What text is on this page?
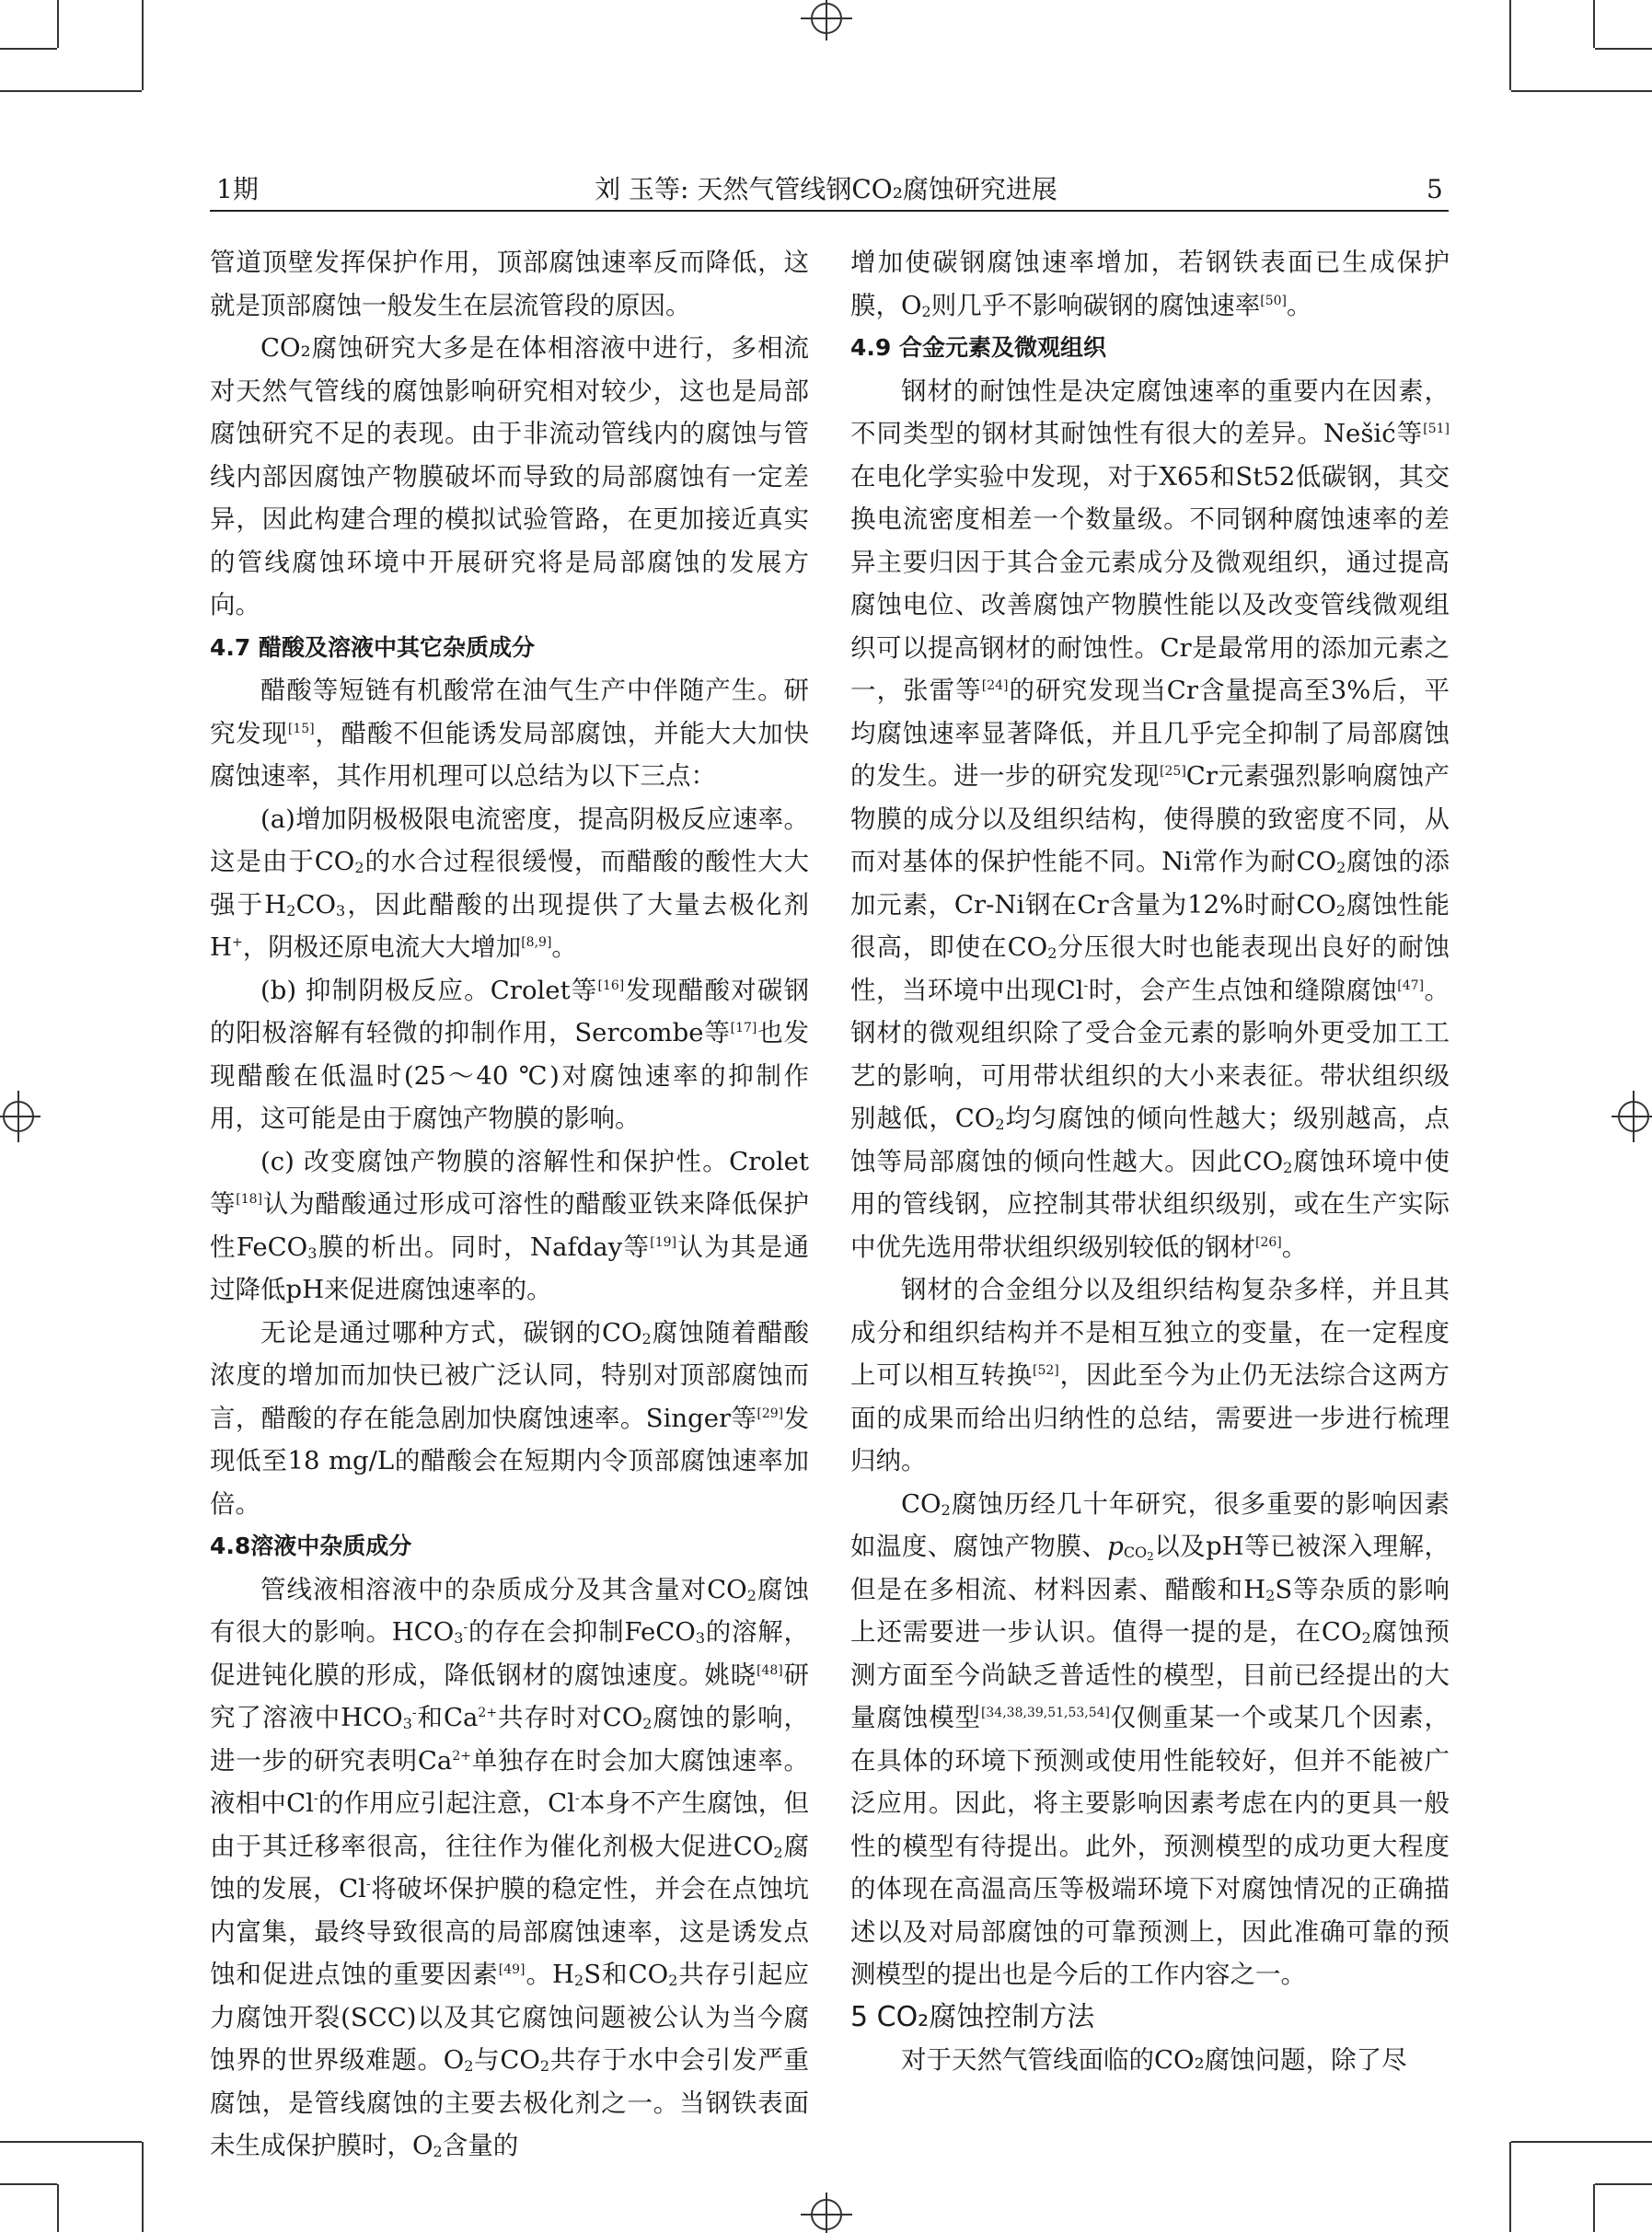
1期	刘 玉等: 天然气管线钢CO₂腐蚀研究进展	5

管道顶壁发挥保护作用，顶部腐蚀速率反而降低，这就是顶部腐蚀一般发生在层流管段的原因。

CO₂腐蚀研究大多是在体相溶液中进行，多相流对天然气管线的腐蚀影响研究相对较少，这也是局部腐蚀研究不足的表现。由于非流动管线内的腐蚀与管线内部因腐蚀产物膜破坏而导致的局部腐蚀有一定差异，因此构建合理的模拟试验管路，在更加接近真实的管线腐蚀环境中开展研究将是局部腐蚀的发展方向。

4.7 醋酸及溶液中其它杂质成分

醋酸等短链有机酸常在油气生产中伴随产生。研究发现[15]，醋酸不但能诱发局部腐蚀，并能大大加快腐蚀速率，其作用机理可以总结为以下三点：

(a)增加阴极极限电流密度，提高阴极反应速率。这是由于$CO_2$的水合过程很缓慢，而醋酸的酸性大大强于$H_2CO_3$，因此醋酸的出现提供了大量去极化剂H+，阴极还原电流大大增加[8,9]。

(b) 抑制阴极反应。Crolet等[16]发现醋酸对碳钢的阳极溶解有轻微的抑制作用，Sercombe等[17]也发现醋酸在低温时(25～40 ℃)对腐蚀速率的抑制作用，这可能是由于腐蚀产物膜的影响。

(c) 改变腐蚀产物膜的溶解性和保护性。Crolet等[18]认为醋酸通过形成可溶性的醋酸亚铁来降低保护性FeCO$_3$膜的析出。同时，Nafday等[19]认为其是通过降低pH来促进腐蚀速率的。

无论是通过哪种方式，碳钢的$CO_2$腐蚀随着醋酸浓度的增加而加快已被广泛认同，特别对顶部腐蚀而言，醋酸的存在能急剧加快腐蚀速率。Singer等[29]发现低至18 mg/L的醋酸会在短期内令顶部腐蚀速率加倍。

4.8溶液中杂质成分

管线液相溶液中的杂质成分及其含量对$CO_2$腐蚀有很大的影响。$HCO_3^-$的存在会抑制FeCO$_3$的溶解，促进钝化膜的形成，降低钢材的腐蚀速度。姚晓[48]研究了溶液中$HCO_3^-$和$Ca^{2+}$共存时对$CO_2$腐蚀的影响，进一步的研究表明$Ca^{2+}$单独存在时会加大腐蚀速率。液相中Cl-的作用应引起注意，Cl-本身不产生腐蚀，但由于其迁移率很高，往往作为催化剂极大促进$CO_2$腐蚀的发展，Cl-将破坏保护膜的稳定性，并会在点蚀坑内富集，最终导致很高的局部腐蚀速率，这是诱发点蚀和促进点蚀的重要因素[49]。$H_2S$和$CO_2$共存引起应力腐蚀开裂(SCC)以及其它腐蚀问题被公认为当今腐蚀界的世界级难题。$O_2$与$CO_2$共存于水中会引发严重腐蚀，是管线腐蚀的主要去极化剂之一。当钢铁表面未生成保护膜时，$O_2$含量的

增加使碳钢腐蚀速率增加，若钢铁表面已生成保护膜，$O_2$则几乎不影响碳钢的腐蚀速率[50]。

4.9 合金元素及微观组织

钢材的耐蚀性是决定腐蚀速率的重要内在因素，不同类型的钢材其耐蚀性有很大的差异。Nešić等[51]在电化学实验中发现，对于X65和St52低碳钢，其交换电流密度相差一个数量级。不同钢种腐蚀速率的差异主要归因于其合金元素成分及微观组织，通过提高腐蚀电位、改善腐蚀产物膜性能以及改变管线微观组织可以提高钢材的耐蚀性。Cr是最常用的添加元素之一，张雷等[24]的研究发现当Cr含量提高至3%后，平均腐蚀速率显著降低，并且几乎完全抑制了局部腐蚀的发生。进一步的研究发现[25]Cr元素强烈影响腐蚀产物膜的成分以及组织结构，使得膜的致密度不同，从而对基体的保护性能不同。Ni常作为耐$CO_2$腐蚀的添加元素，Cr-Ni钢在Cr含量为12%时耐$CO_2$腐蚀性能很高，即使在$CO_2$分压很大时也能表现出良好的耐蚀性，当环境中出现Cl-时，会产生点蚀和缝隙腐蚀[47]。钢材的微观组织除了受合金元素的影响外更受加工工艺的影响，可用带状组织的大小来表征。带状组织级别越低，$CO_2$均匀腐蚀的倾向性越大；级别越高，点蚀等局部腐蚀的倾向性越大。因此$CO_2$腐蚀环境中使用的管线钢，应控制其带状组织级别，或在生产实际中优先选用带状组织级别较低的钢材[26]。

钢材的合金组分以及组织结构复杂多样，并且其成分和组织结构并不是相互独立的变量，在一定程度上可以相互转换[52]，因此至今为止仍无法综合这两方面的成果而给出归纳性的总结，需要进一步进行梳理归纳。

$CO_2$腐蚀历经几十年研究，很多重要的影响因素如温度、腐蚀产物膜、$p_{CO_2}$以及pH等已被深入理解，但是在多相流、材料因素、醋酸和$H_2S$等杂质的影响上还需要进一步认识。值得一提的是，在$CO_2$腐蚀预测方面至今尚缺乏普适性的模型，目前已经提出的大量腐蚀模型[34,38,39,51,53,54]仅侧重某一个或某几个因素，在具体的环境下预测或使用性能较好，但并不能被广泛应用。因此，将主要影响因素考虑在内的更具一般性的模型有待提出。此外，预测模型的成功更大程度的体现在高温高压等极端环境下对腐蚀情况的正确描述以及对局部腐蚀的可靠预测上，因此准确可靠的预测模型的提出也是今后的工作内容之一。

5 CO₂腐蚀控制方法

对于天然气管线面临的CO₂腐蚀问题，除了尽
